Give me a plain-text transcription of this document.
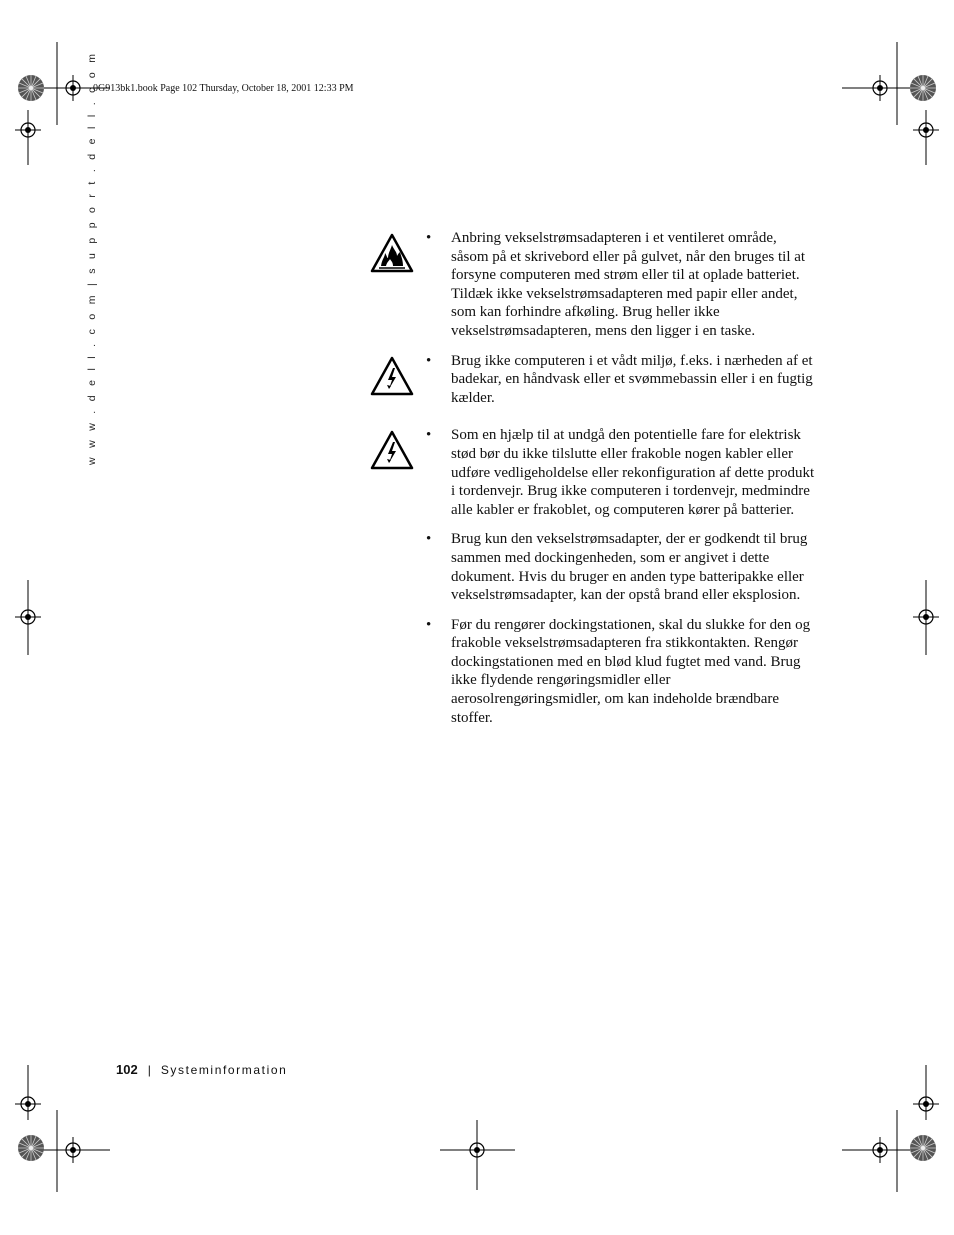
0G913bk1.book Page 102 Thursday, October 18, 2001 12:33 PM
w w w . d e l l . c o m | s u p p o r t . d e l l . c o m	• Anbring vekselstrømsadapteren i et ventileret område, såsom på et skrivebord eller på gulvet, når den bruges til at forsyne computeren med strøm eller til at oplade batteriet. Tildæk ikke vekselstrømsadapteren med papir eller andet, som kan forhindre afkøling. Brug heller ikke vekselstrømsadapteren, mens den ligger i en taske.
• Brug ikke computeren i et vådt miljø, f.eks. i nærheden af et badekar, en håndvask eller et svømmebassin eller i en fugtig kælder.
• Som en hjælp til at undgå den potentielle fare for elektrisk stød bør du ikke tilslutte eller frakoble nogen kabler eller udføre vedligeholdelse eller rekonfiguration af dette produkt i tordenvejr. Brug ikke computeren i tordenvejr, medmindre alle kabler er frakoblet, og computeren kører på batterier.
• Brug kun den vekselstrømsadapter, der er godkendt til brug sammen med dockingenheden, som er angivet i dette dokument. Hvis du bruger en anden type batteripakke eller vekselstrømsadapter, kan der opstå brand eller eksplosion.
• Før du rengører dockingstationen, skal du slukke for den og frakoble vekselstrømsadapteren fra stikkontakten. Rengør dockingstationen med en blød klud fugtet med vand. Brug ikke flydende rengøringsmidler eller aerosolrengøringsmidler, om kan indeholde brændbare stoffer.
102 | Systeminformation
